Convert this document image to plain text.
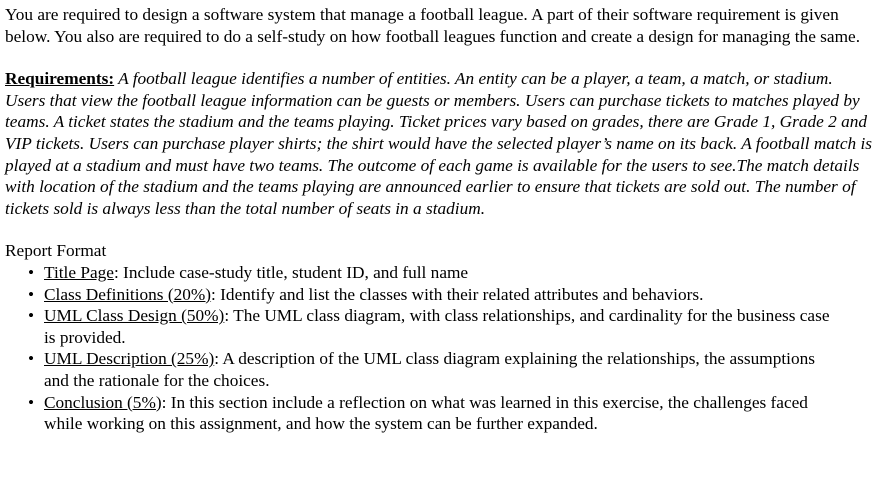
You are required to design a software system that manage a football league. A part of their software requirement is given below. You also are required to do a self-study on how football leagues function and create a design for managing the same.

Requirements: A football league identifies a number of entities. An entity can be a player, a team, a match, or stadium. Users that view the football league information can be guests or members. Users can purchase tickets to matches played by teams. A ticket states the stadium and the teams playing. Ticket prices vary based on grades, there are Grade 1, Grade 2 and VIP tickets. Users can purchase player shirts; the shirt would have the selected player’s name on its back. A football match is played at a stadium and must have two teams. The outcome of each game is available for the users to see.The match details with location of the stadium and the teams playing are announced earlier to ensure that tickets are sold out. The number of tickets sold is always less than the total number of seats in a stadium.

Report Format

• Title Page: Include case-study title, student ID, and full name
• Class Definitions (20%): Identify and list the classes with their related attributes and behaviors.
• UML Class Design (50%): The UML class diagram, with class relationships, and cardinality for the business case is provided.
• UML Description (25%): A description of the UML class diagram explaining the relationships, the assumptions and the rationale for the choices.
• Conclusion (5%): In this section include a reflection on what was learned in this exercise, the challenges faced while working on this assignment, and how the system can be further expanded.
